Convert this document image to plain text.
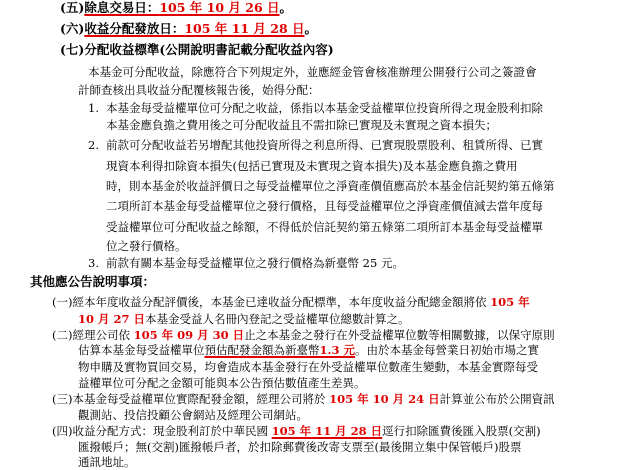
(五)除息交易日：105 年 10 月 26 日。
(六)收益分配發放日：105 年 11 月 28 日。
(七)分配收益標準(公開說明書記載分配收益內容)
本基金可分配收益，除應符合下列規定外，並應經金管會核准辦理公開發行公司之簽證會
計師查核出具收益分配覆核報告後，始得分配：
1. 本基金每受益權單位可分配之收益，係指以本基金受益權單位投資所得之現金股利扣除
本基金應負擔之費用後之可分配收益且不需扣除已實現及未實現之資本損失；
2. 前款可分配收益若另增配其他投資所得之利息所得、已實現股票股利、租賃所得、已實
現資本利得扣除資本損失(包括已實現及未實現之資本損失)及本基金應負擔之費用
時，則本基金於收益評價日之每受益權單位之淨資產價值應高於本基金信託契約第五條第
二項所訂本基金每受益權單位之發行價格，且每受益權單位之淨資產價值減去當年度每
受益權單位可分配收益之餘額，不得低於信託契約第五條第二項所訂本基金每受益權單
位之發行價格。
3. 前款有關本基金每受益權單位之發行價格為新臺幣 25 元。
其他應公告說明事項：
(一)經本年度收益分配評價後，本基金已達收益分配標準，本年度收益分配總金額將依 105 年
10 月 27 日本基金受益人名冊內登記之受益權單位總數計算之。
(二)經理公司依 105 年 09 月 30 日止之本基金之發行在外受益權單位數等相關數據，以保守原則
估算本基金每受益權單位預估配發金額為新臺幣1.3 元。由於本基金每營業日初始市場之實
物申購及實物買回交易，均會造成本基金發行在外受益權單位數產生變動，本基金實際每受
益權單位可分配之金額可能與本公告預估數值產生差異。
(三)本基金每受益權單位實際配發金額，經理公司將於 105 年 10 月 24 日計算並公布於公開資訊
觀測站、投信投顧公會網站及經理公司網站。
(四)收益分配方式：現金股利訂於中華民國 105 年 11 月 28 日逕行扣除匯費後匯入股票(交割)
匯撥帳戶；無(交割)匯撥帳戶者，於扣除郵費後改寄支票至(最後開立集中保管帳戶)股票
通訊地址。
